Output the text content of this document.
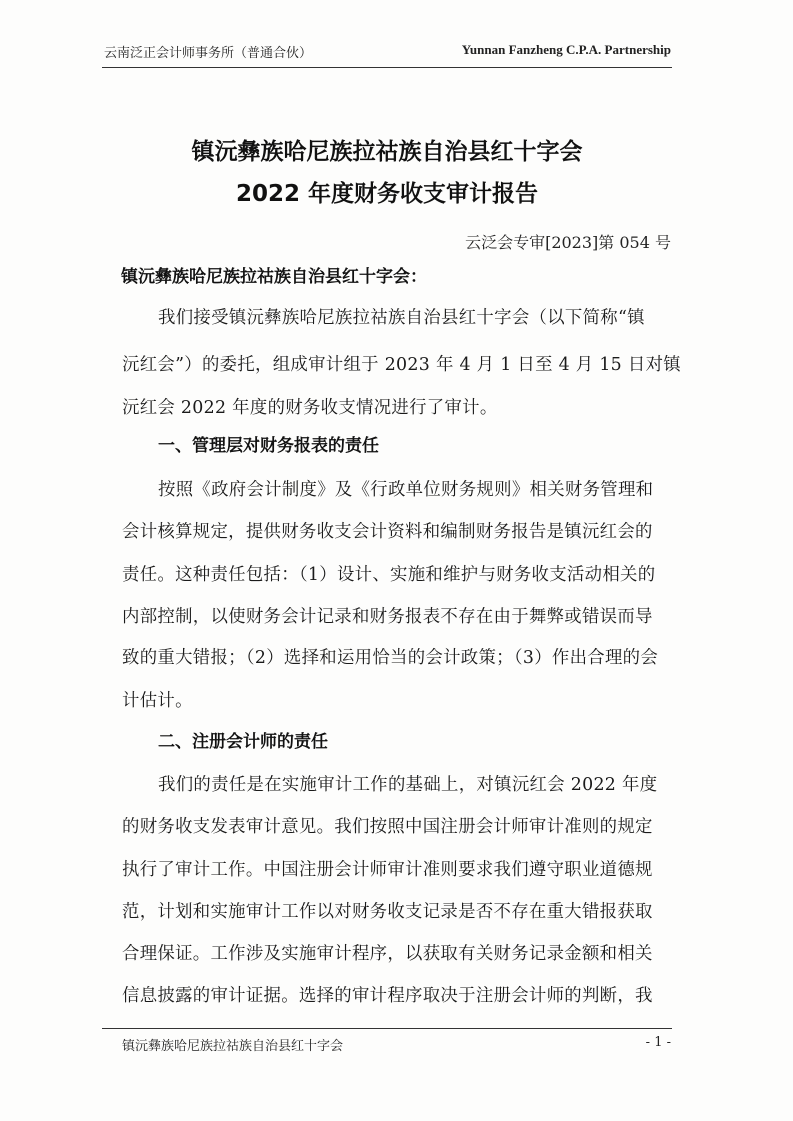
云南泛正会计师事务所（普通合伙）	Yunnan Fanzheng C.P.A. Partnership
镇沅彝族哈尼族拉祜族自治县红十字会
2022 年度财务收支审计报告
云泛会专审[2023]第 054 号
镇沅彝族哈尼族拉祜族自治县红十字会：
我们接受镇沅彝族哈尼族拉祜族自治县红十字会（以下简称“镇
沅红会”）的委托，组成审计组于 2023 年 4 月 1 日至 4 月 15 日对镇
沅红会 2022 年度的财务收支情况进行了审计。
一、管理层对财务报表的责任
按照《政府会计制度》及《行政单位财务规则》相关财务管理和
会计核算规定，提供财务收支会计资料和编制财务报告是镇沅红会的
责任。这种责任包括：（1）设计、实施和维护与财务收支活动相关的
内部控制，以使财务会计记录和财务报表不存在由于舞弊或错误而导
致的重大错报；（2）选择和运用恰当的会计政策；（3）作出合理的会
计估计。
二、注册会计师的责任
我们的责任是在实施审计工作的基础上，对镇沅红会 2022 年度
的财务收支发表审计意见。我们按照中国注册会计师审计准则的规定
执行了审计工作。中国注册会计师审计准则要求我们遵守职业道德规
范，计划和实施审计工作以对财务收支记录是否不存在重大错报获取
合理保证。工作涉及实施审计程序，以获取有关财务记录金额和相关
信息披露的审计证据。选择的审计程序取决于注册会计师的判断，我
镇沅彝族哈尼族拉祜族自治县红十字会	- 1 -
